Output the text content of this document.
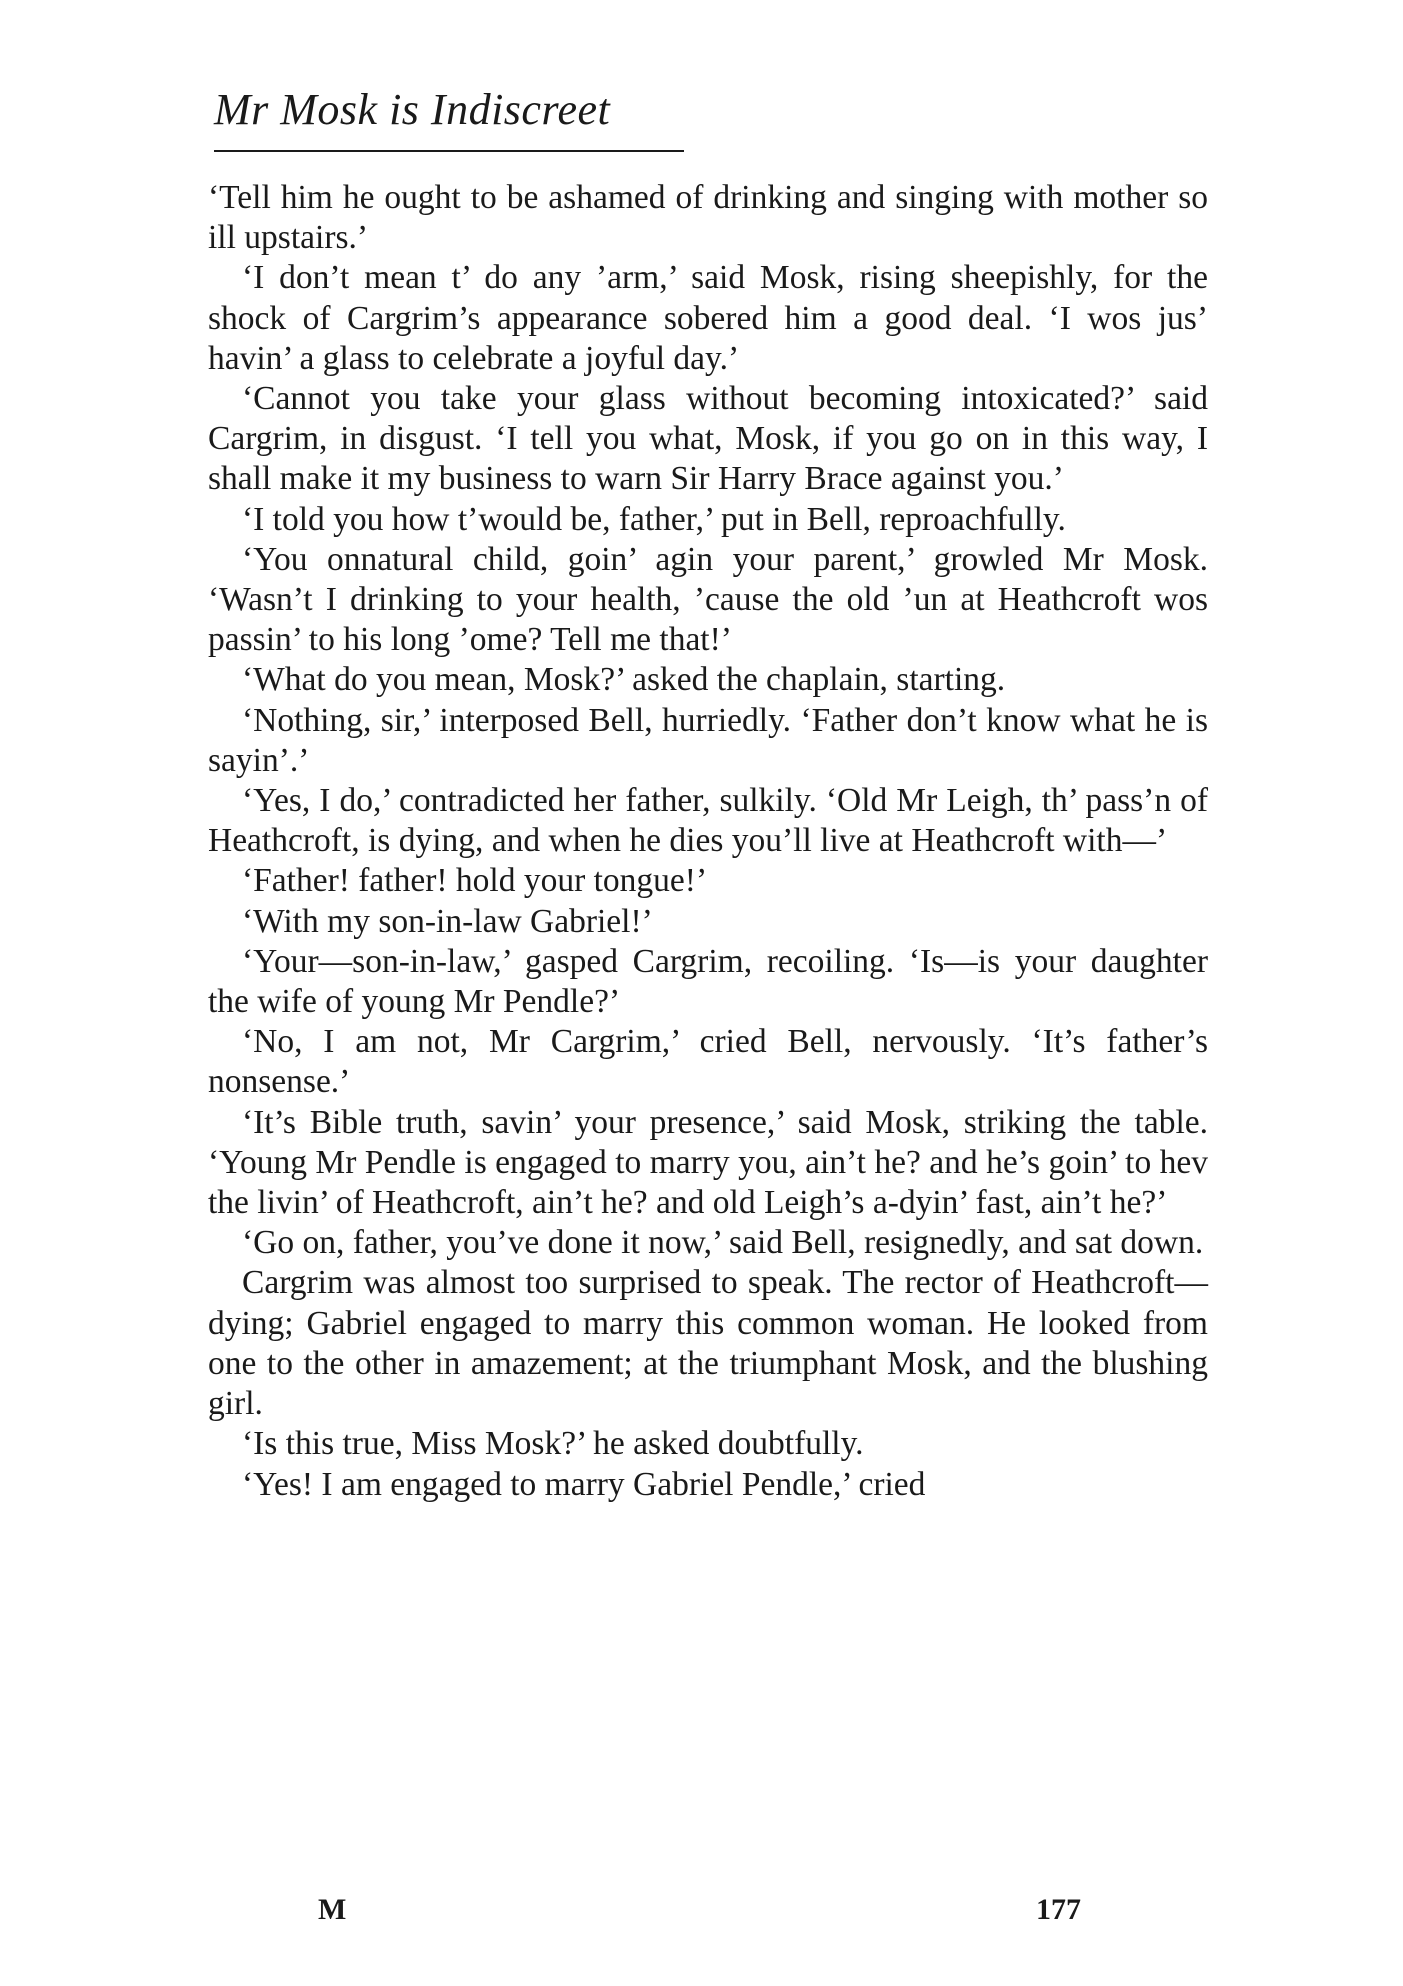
Mr Mosk is Indiscreet

‘Tell him he ought to be ashamed of drinking and singing with mother so ill upstairs.’

‘I don’t mean t’ do any ’arm,’ said Mosk, rising sheepishly, for the shock of Cargrim’s appearance sobered him a good deal. ‘I wos jus’ havin’ a glass to celebrate a joyful day.’

‘Cannot you take your glass without becoming intoxicated?’ said Cargrim, in disgust. ‘I tell you what, Mosk, if you go on in this way, I shall make it my business to warn Sir Harry Brace against you.’

‘I told you how t’would be, father,’ put in Bell, reproachfully.

‘You onnatural child, goin’ agin your parent,’ growled Mr Mosk. ‘Wasn’t I drinking to your health, ’cause the old ’un at Heathcroft wos passin’ to his long ’ome? Tell me that!’

‘What do you mean, Mosk?’ asked the chaplain, starting.

‘Nothing, sir,’ interposed Bell, hurriedly. ‘Father don’t know what he is sayin’.’

‘Yes, I do,’ contradicted her father, sulkily. ‘Old Mr Leigh, th’ pass’n of Heathcroft, is dying, and when he dies you’ll live at Heathcroft with—’

‘Father! father! hold your tongue!’

‘With my son-in-law Gabriel!’

‘Your—son-in-law,’ gasped Cargrim, recoiling. ‘Is—is your daughter the wife of young Mr Pendle?’

‘No, I am not, Mr Cargrim,’ cried Bell, nervously. ‘It’s father’s nonsense.’

‘It’s Bible truth, savin’ your presence,’ said Mosk, striking the table. ‘Young Mr Pendle is engaged to marry you, ain’t he? and he’s goin’ to hev the livin’ of Heathcroft, ain’t he? and old Leigh’s a-dyin’ fast, ain’t he?’

‘Go on, father, you’ve done it now,’ said Bell, resignedly, and sat down.

Cargrim was almost too surprised to speak. The rector of Heathcroft—dying; Gabriel engaged to marry this common woman. He looked from one to the other in amazement; at the triumphant Mosk, and the blushing girl.

‘Is this true, Miss Mosk?’ he asked doubtfully.

‘Yes! I am engaged to marry Gabriel Pendle,’ cried

M	177
